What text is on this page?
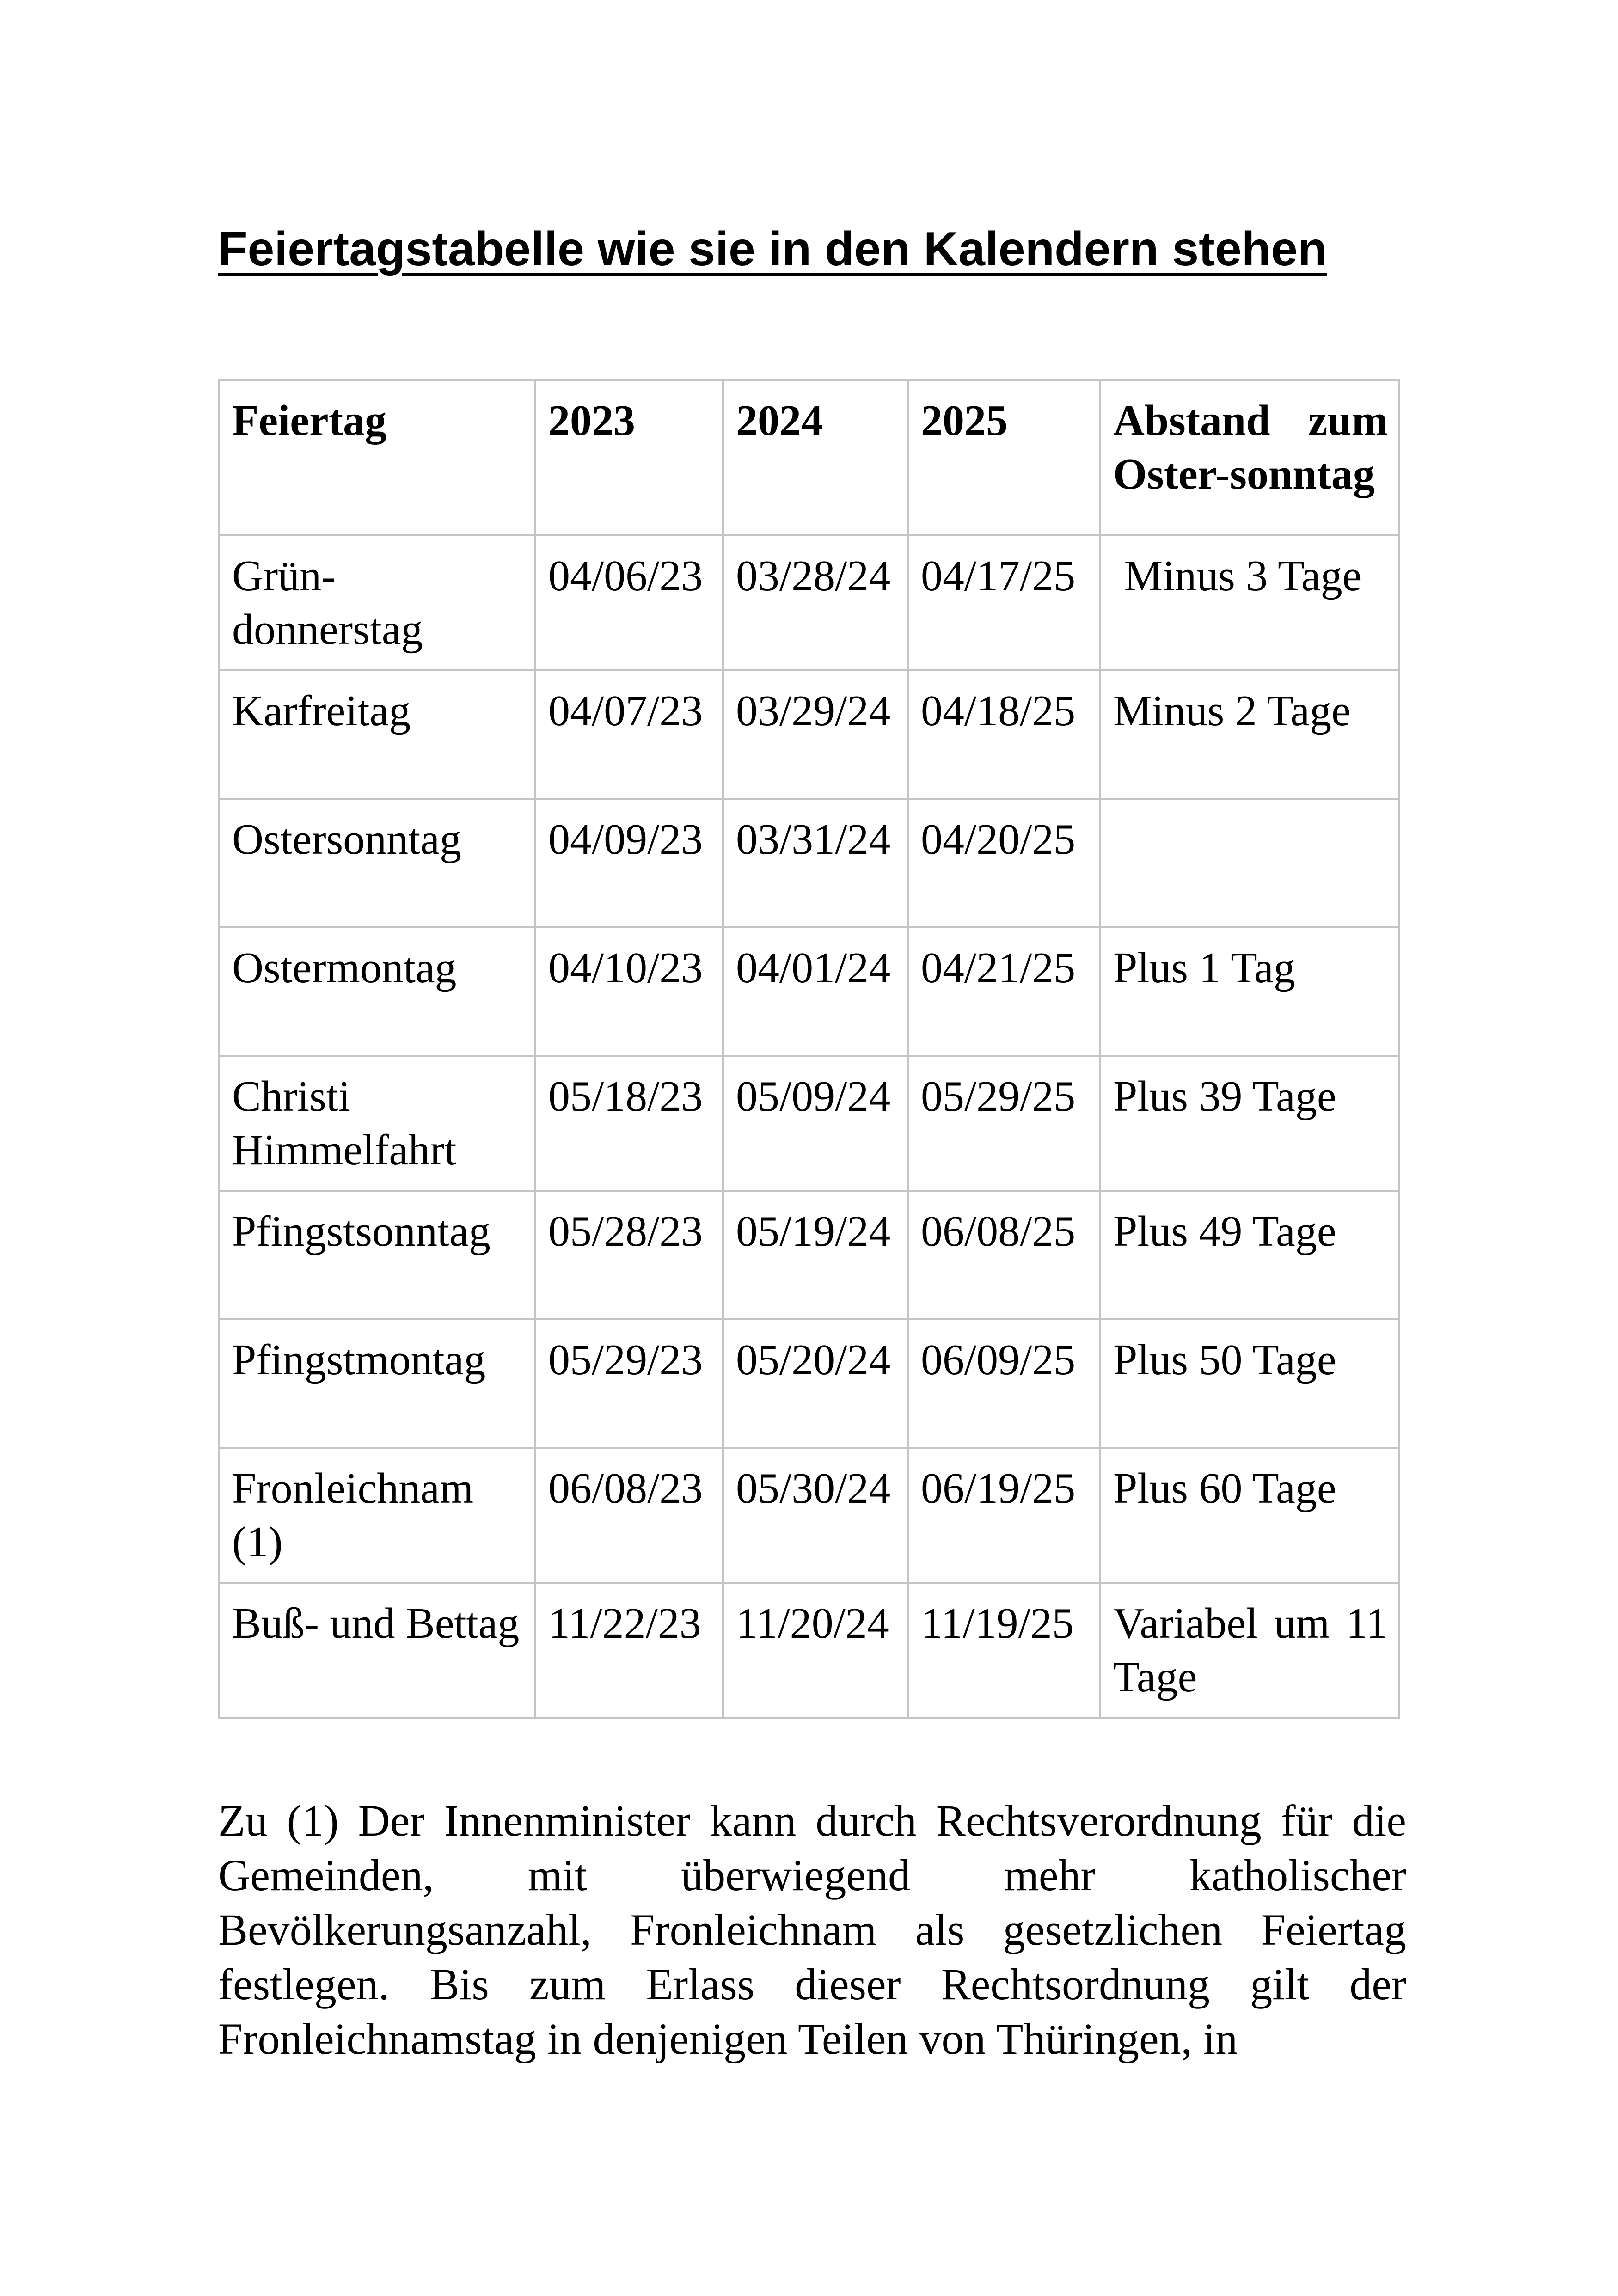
Feiertagstabelle wie sie in den Kalendern stehen
Feiertag	2023	2024	2025	Abstand zum Oster-sonntag
Grün-donnerstag	04/06/23	03/28/24	04/17/25	Minus 3 Tage
Karfreitag	04/07/23	03/29/24	04/18/25	Minus 2 Tage
Ostersonntag	04/09/23	03/31/24	04/20/25	
Ostermontag	04/10/23	04/01/24	04/21/25	Plus 1 Tag
Christi Himmelfahrt	05/18/23	05/09/24	05/29/25	Plus 39 Tage
Pfingstsonntag	05/28/23	05/19/24	06/08/25	Plus 49 Tage
Pfingstmontag	05/29/23	05/20/24	06/09/25	Plus 50 Tage
Fronleichnam (1)	06/08/23	05/30/24	06/19/25	Plus 60 Tage
Buß- und Bettag	11/22/23	11/20/24	11/19/25	Variabel um 11 Tage

Zu (1) Der Innenminister kann durch Rechtsverordnung für die Gemeinden, mit überwiegend mehr katholischer Bevölkerungsanzahl, Fronleichnam als gesetzlichen Feiertag festlegen. Bis zum Erlass dieser Rechtsordnung gilt der Fronleichnamstag in denjenigen Teilen von Thüringen, in
